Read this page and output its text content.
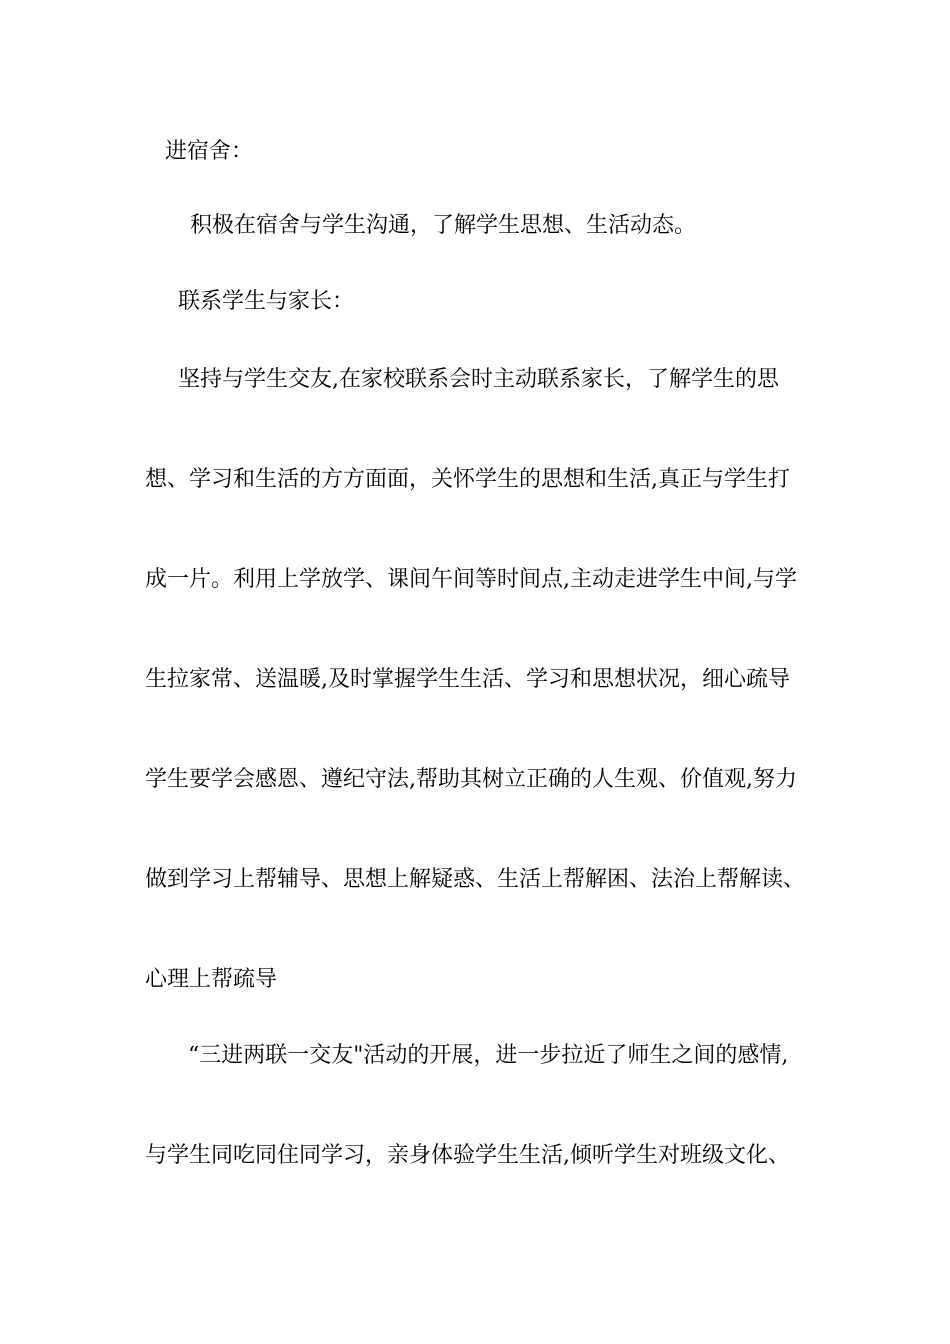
进宿舍：
积极在宿舍与学生沟通，了解学生思想、生活动态。
联系学生与家长：
坚持与学生交友,在家校联系会时主动联系家长，了解学生的思
想、学习和生活的方方面面，关怀学生的思想和生活,真正与学生打
成一片。利用上学放学、课间午间等时间点,主动走进学生中间,与学
生拉家常、送温暖,及时掌握学生生活、学习和思想状况，细心疏导
学生要学会感恩、遵纪守法,帮助其树立正确的人生观、价值观,努力
做到学习上帮辅导、思想上解疑惑、生活上帮解困、法治上帮解读、
心理上帮疏导
“三进两联一交友"活动的开展，进一步拉近了师生之间的感情,
与学生同吃同住同学习，亲身体验学生生活,倾听学生对班级文化、
